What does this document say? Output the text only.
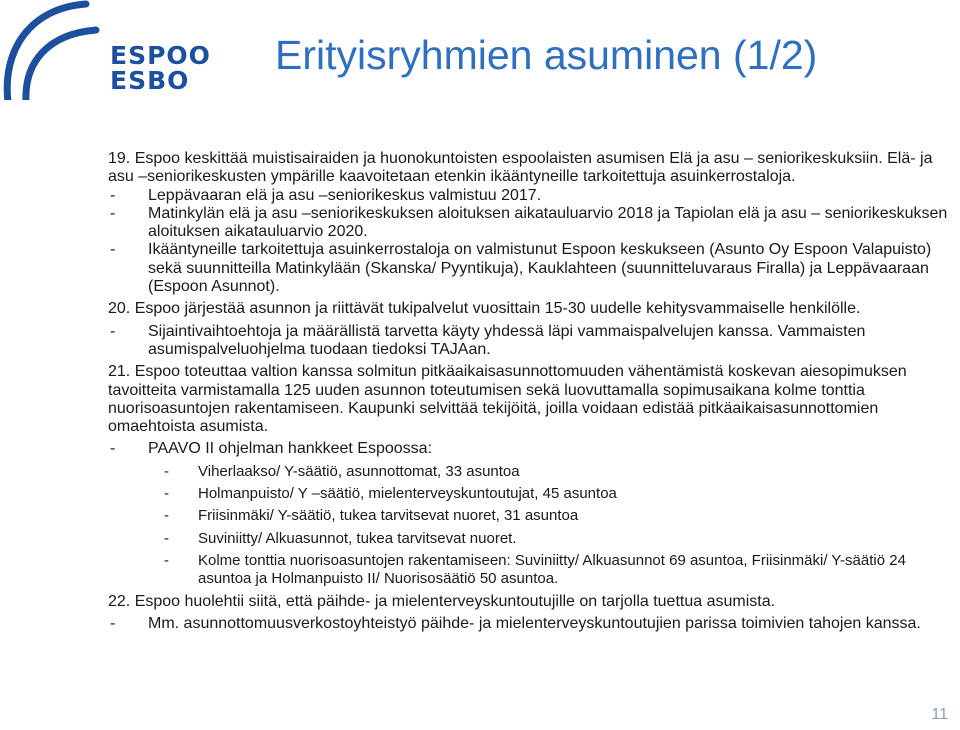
ESPOO
ESBO
Erityisryhmien asuminen (1/2)
19. Espoo keskittää muistisairaiden ja huonokuntoisten espoolaisten asumisen Elä ja asu – seniorikeskuksiin. Elä- ja asu –seniorikeskusten ympärille kaavoitetaan etenkin ikääntyneille tarkoitettuja asuinkerrostaloja.
- Leppävaaran elä ja asu –seniorikeskus valmistuu 2017.
- Matinkylän elä ja asu –seniorikeskuksen aloituksen aikatauluarvio 2018 ja Tapiolan elä ja asu – seniorikeskuksen aloituksen aikatauluarvio 2020.
- Ikääntyneille tarkoitettuja asuinkerrostaloja on valmistunut Espoon keskukseen (Asunto Oy Espoon Valapuisto) sekä suunnitteilla Matinkylään (Skanska/ Pyyntikuja), Kauklahteen (suunnitteluvaraus Firalla) ja Leppävaaraan (Espoon Asunnot).
20. Espoo järjestää asunnon ja riittävät tukipalvelut vuosittain 15-30 uudelle kehitysvammaiselle henkilölle.
- Sijaintivaihtoehtoja ja määrällistä tarvetta käyty yhdessä läpi vammaispalvelujen kanssa. Vammaisten asumispalveluohjelma tuodaan tiedoksi TAJAan.
21. Espoo toteuttaa valtion kanssa solmitun pitkäaikaisasunnottomuuden vähentämistä koskevan aiesopimuksen tavoitteita varmistamalla 125 uuden asunnon toteutumisen sekä luovuttamalla sopimusaikana kolme tonttia nuorisoasuntojen rakentamiseen. Kaupunki selvittää tekijöitä, joilla voidaan edistää pitkäaikaisasunnottomien omaehtoista asumista.
- PAAVO II ohjelman hankkeet Espoossa:
- Viherlaakso/ Y-säätiö, asunnottomat, 33 asuntoa
- Holmanpuisto/ Y –säätiö, mielenterveyskuntoutujat, 45 asuntoa
- Friisinmäki/ Y-säätiö, tukea tarvitsevat nuoret, 31 asuntoa
- Suviniitty/ Alkuasunnot, tukea tarvitsevat nuoret.
- Kolme tonttia nuorisoasuntojen rakentamiseen: Suviniitty/ Alkuasunnot 69 asuntoa, Friisinmäki/ Y-säätiö 24 asuntoa ja Holmanpuisto II/ Nuorisosäätiö 50 asuntoa.
22. Espoo huolehtii siitä, että päihde- ja mielenterveyskuntoutujille on tarjolla tuettua asumista.
- Mm. asunnottomuusverkostoyhteistyö päihde- ja mielenterveyskuntoutujien parissa toimivien tahojen kanssa.
11
